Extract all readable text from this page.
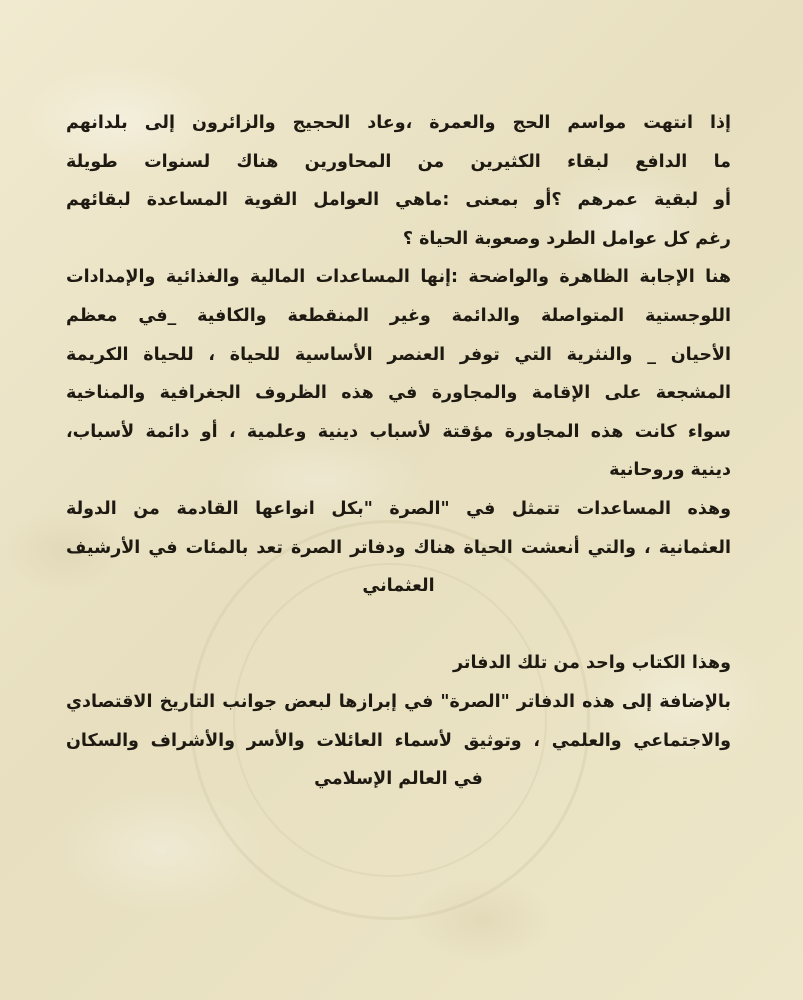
إذا انتهت مواسم الحج والعمرة ،وعاد الحجيج والزائرون إلى بلدانهم
ما الدافع لبقاء الكثيرين من المحاورين هناك لسنوات طويلة
أو لبقية عمرهم ؟أو بمعنى :ماهي العوامل القوية المساعدة لبقائهم
رغم كل عوامل الطرد وصعوبة الحياة ؟
هنا الإجابة الظاهرة والواضحة :إنها المساعدات المالية والغذائية والإمدادات
اللوجستية المتواصلة والدائمة وغير المنقطعة والكافية _في معظم
الأحيان _ والنثرية التي توفر العنصر الأساسية للحياة ، للحياة الكريمة
المشجعة على الإقامة والمجاورة في هذه الظروف الجغرافية والمناخية
سواء كانت هذه المجاورة مؤقتة لأسباب دينية وعلمية ، أو دائمة لأسباب،
دينية وروحانية
وهذه المساعدات تتمثل في "الصرة "بكل انواعها القادمة من الدولة
العثمانية ، والتي أنعشت الحياة هناك ودفاتر الصرة تعد بالمئات في الأرشيف
العثماني
وهذا الكتاب واحد من تلك الدفاتر
بالإضافة إلى هذه الدفاتر "الصرة" في إبرازها لبعض جوانب التاريخ الاقتصادي
والاجتماعي والعلمي ، وتوثيق لأسماء العائلات والأسر والأشراف والسكان
في العالم الإسلامي
